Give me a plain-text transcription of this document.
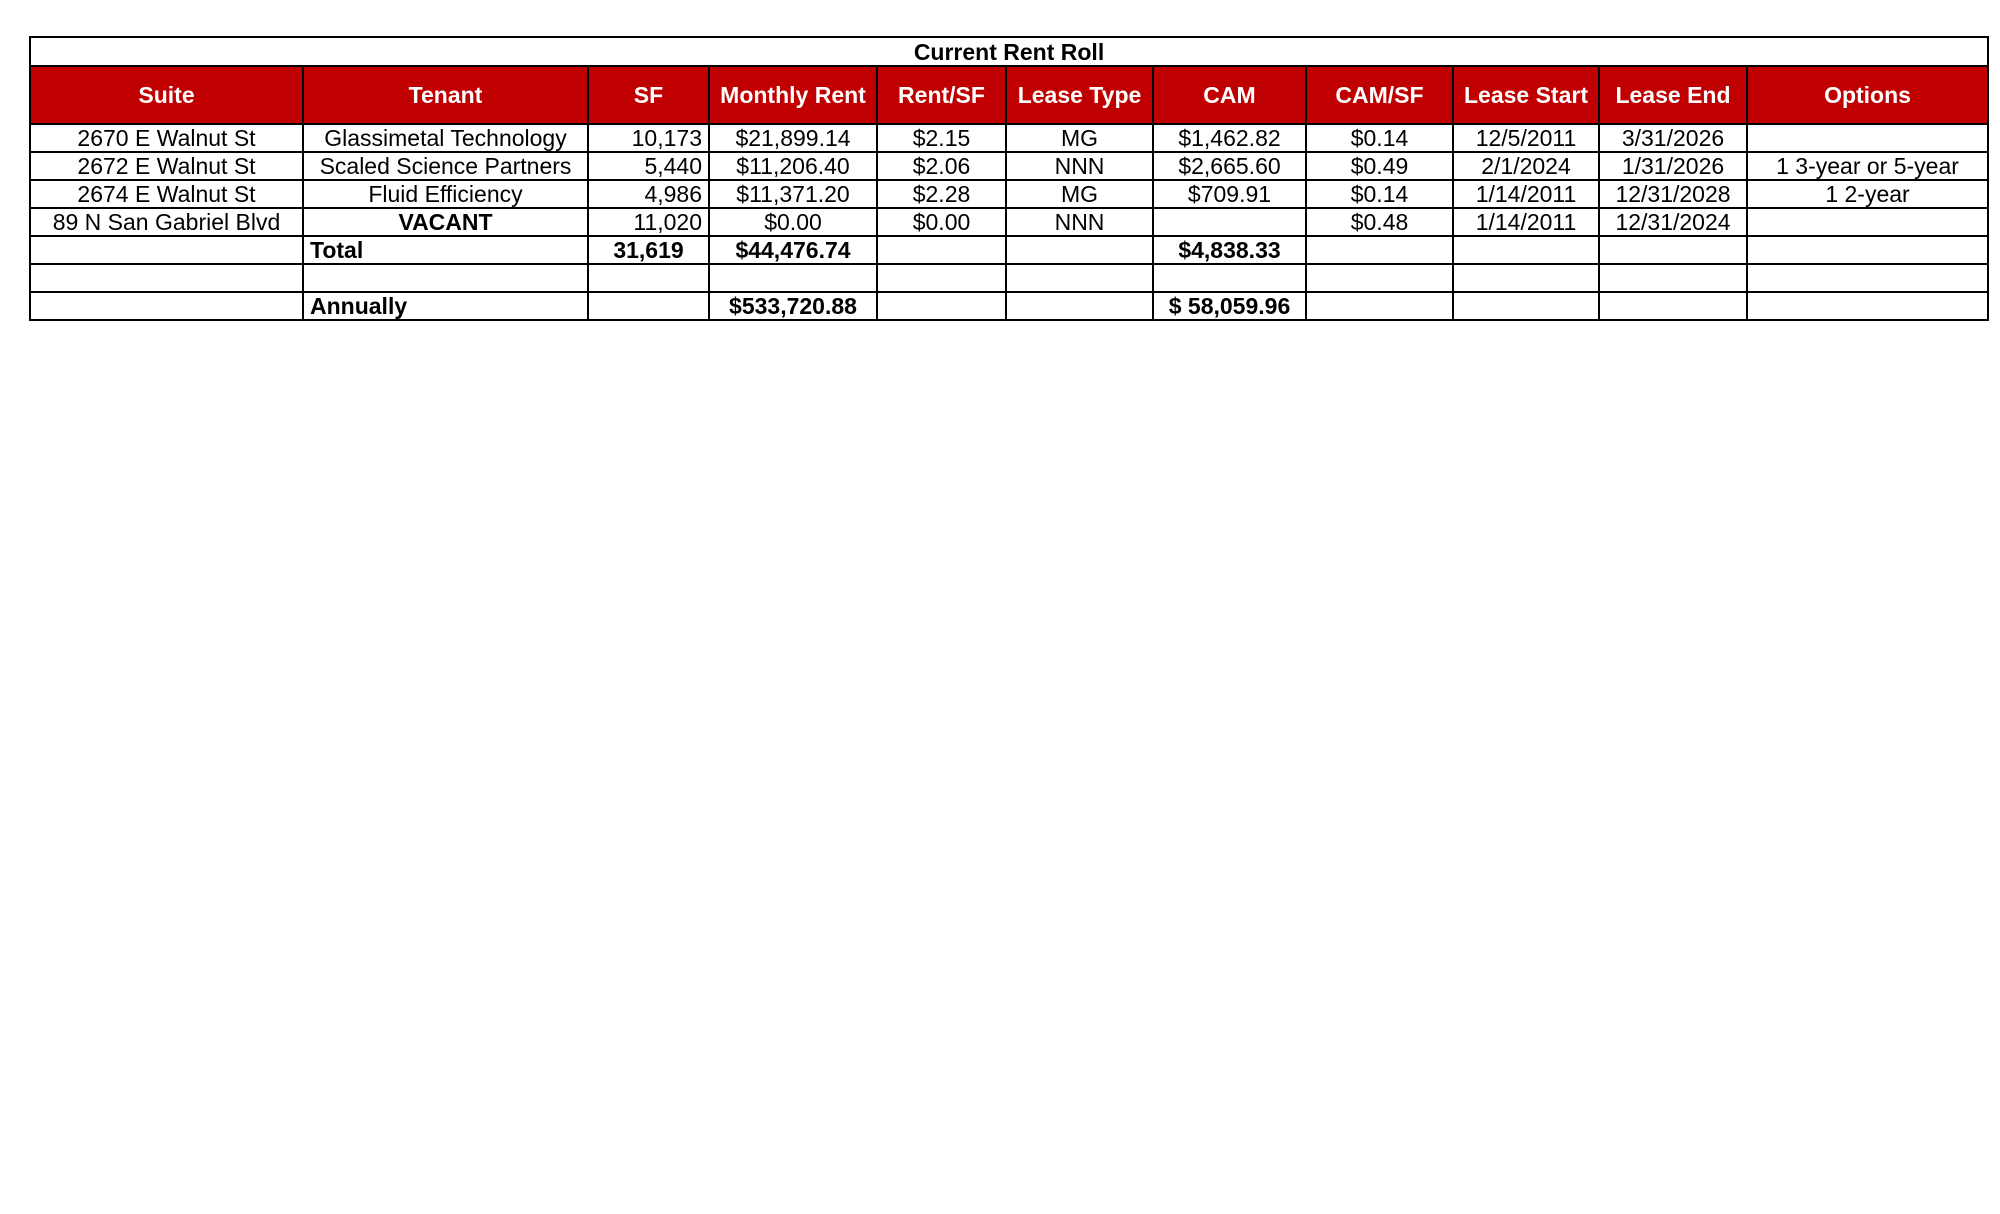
Current Rent Roll										
Suite	Tenant	SF	Monthly Rent	Rent/SF	Lease Type	CAM	CAM/SF	Lease Start	Lease End	Options
2670 E Walnut St	Glassimetal Technology	10,173	$21,899.14	$2.15	MG	$1,462.82	$0.14	12/5/2011	3/31/2026	
2672 E Walnut St	Scaled Science Partners	5,440	$11,206.40	$2.06	NNN	$2,665.60	$0.49	2/1/2024	1/31/2026	1 3-year or 5-year
2674 E Walnut St	Fluid Efficiency	4,986	$11,371.20	$2.28	MG	$709.91	$0.14	1/14/2011	12/31/2028	1 2-year
89 N San Gabriel Blvd	VACANT	11,020	$0.00	$0.00	NNN		$0.48	1/14/2011	12/31/2024	
	Total	31,619	$44,476.74			$4,838.33				

	Annually		$533,720.88			$ 58,059.96				
